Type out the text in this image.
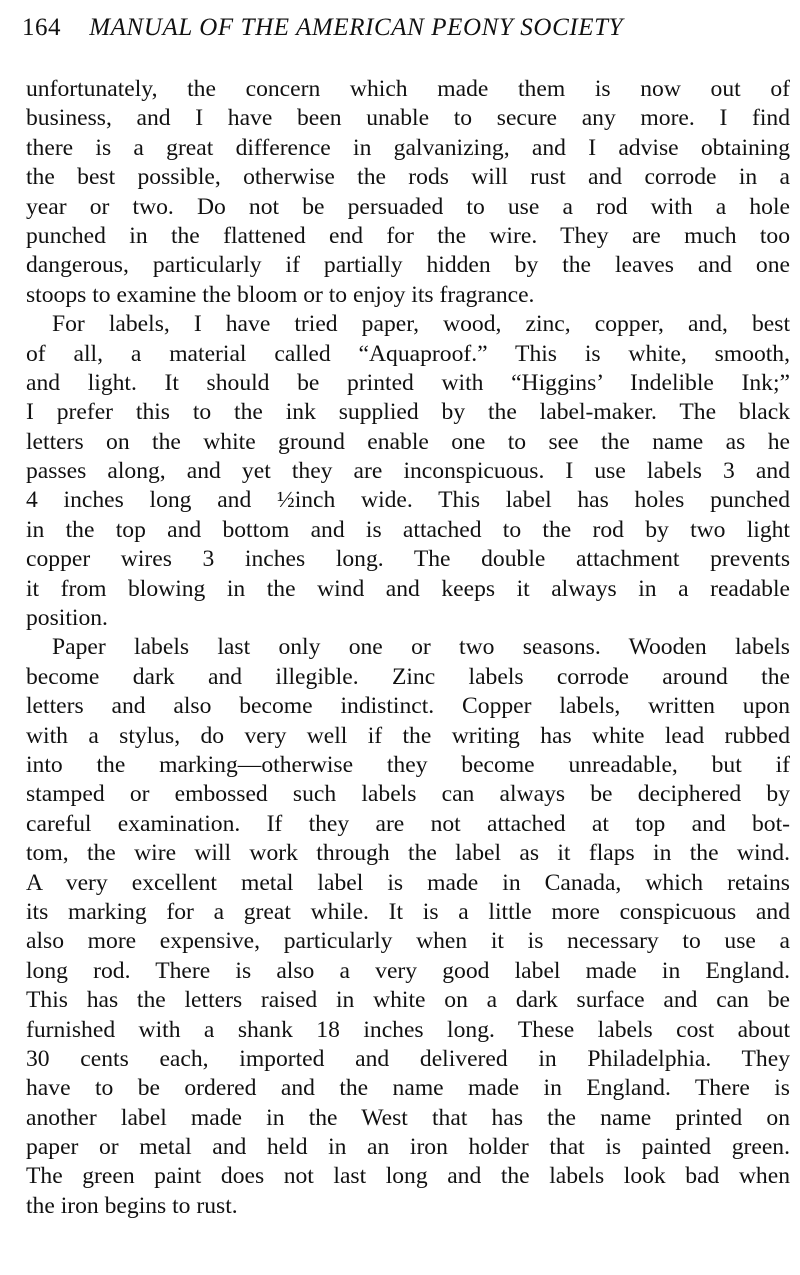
164 MANUAL OF THE AMERICAN PEONY SOCIETY
unfortunately, the concern which made them is now out of
business, and I have been unable to secure any more. I find
there is a great difference in galvanizing, and I advise obtaining
the best possible, otherwise the rods will rust and corrode in a
year or two. Do not be persuaded to use a rod with a hole
punched in the flattened end for the wire. They are much too
dangerous, particularly if partially hidden by the leaves and one
stoops to examine the bloom or to enjoy its fragrance.
For labels, I have tried paper, wood, zinc, copper, and, best
of all, a material called “Aquaproof.” This is white, smooth,
and light. It should be printed with “Higgins’ Indelible Ink;”
I prefer this to the ink supplied by the label-maker. The black
letters on the white ground enable one to see the name as he
passes along, and yet they are inconspicuous. I use labels 3 and
4 inches long and ½inch wide. This label has holes punched
in the top and bottom and is attached to the rod by two light
copper wires 3 inches long. The double attachment prevents
it from blowing in the wind and keeps it always in a readable
position.
Paper labels last only one or two seasons. Wooden labels
become dark and illegible. Zinc labels corrode around the
letters and also become indistinct. Copper labels, written upon
with a stylus, do very well if the writing has white lead rubbed
into the marking—otherwise they become unreadable, but if
stamped or embossed such labels can always be deciphered by
careful examination. If they are not attached at top and bot-
tom, the wire will work through the label as it flaps in the wind.
A very excellent metal label is made in Canada, which retains
its marking for a great while. It is a little more conspicuous and
also more expensive, particularly when it is necessary to use a
long rod. There is also a very good label made in England.
This has the letters raised in white on a dark surface and can be
furnished with a shank 18 inches long. These labels cost about
30 cents each, imported and delivered in Philadelphia. They
have to be ordered and the name made in England. There is
another label made in the West that has the name printed on
paper or metal and held in an iron holder that is painted green.
The green paint does not last long and the labels look bad when
the iron begins to rust.
